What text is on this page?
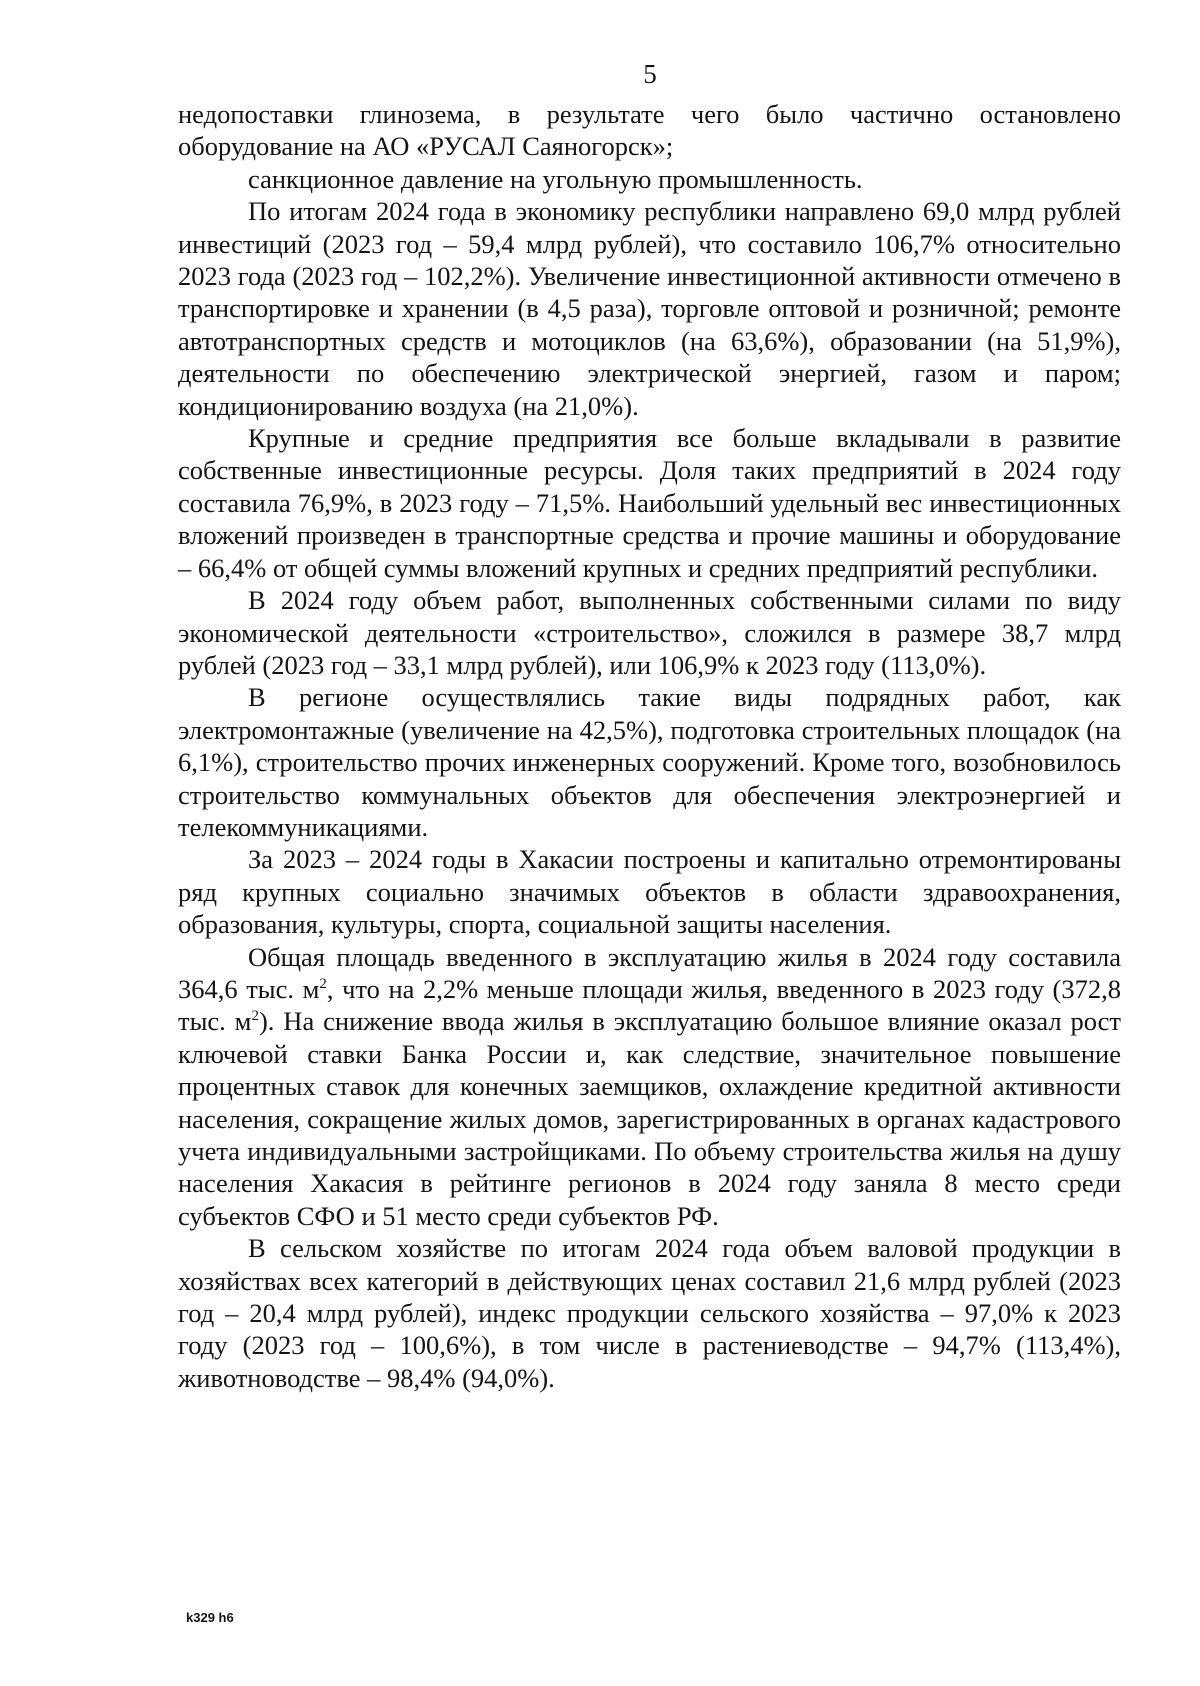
5

недопоставки глинозема, в результате чего было частично остановлено оборудование на АО «РУСАЛ Саяногорск»;

санкционное давление на угольную промышленность.

По итогам 2024 года в экономику республики направлено 69,0 млрд рублей инвестиций (2023 год – 59,4 млрд рублей), что составило 106,7% относительно 2023 года (2023 год – 102,2%). Увеличение инвестиционной активности отмечено в транспортировке и хранении (в 4,5 раза), торговле оптовой и розничной; ремонте автотранспортных средств и мотоциклов (на 63,6%), образовании (на 51,9%), деятельности по обеспечению электрической энергией, газом и паром; кондиционированию воздуха (на 21,0%).

Крупные и средние предприятия все больше вкладывали в развитие собственные инвестиционные ресурсы. Доля таких предприятий в 2024 году составила 76,9%, в 2023 году – 71,5%. Наибольший удельный вес инвестиционных вложений произведен в транспортные средства и прочие машины и оборудование – 66,4% от общей суммы вложений крупных и средних предприятий республики.

В 2024 году объем работ, выполненных собственными силами по виду экономической деятельности «строительство», сложился в размере 38,7 млрд рублей (2023 год – 33,1 млрд рублей), или 106,9% к 2023 году (113,0%).

В регионе осуществлялись такие виды подрядных работ, как электромонтажные (увеличение на 42,5%), подготовка строительных площадок (на 6,1%), строительство прочих инженерных сооружений. Кроме того, возобновилось строительство коммунальных объектов для обеспечения электроэнергией и телекоммуникациями.

За 2023 – 2024 годы в Хакасии построены и капитально отремонтированы ряд крупных социально значимых объектов в области здравоохранения, образования, культуры, спорта, социальной защиты населения.

Общая площадь введенного в эксплуатацию жилья в 2024 году составила 364,6 тыс. $м^2$, что на 2,2% меньше площади жилья, введенного в 2023 году (372,8 тыс. $м^2$). На снижение ввода жилья в эксплуатацию большое влияние оказал рост ключевой ставки Банка России и, как следствие, значительное повышение процентных ставок для конечных заемщиков, охлаждение кредитной активности населения, сокращение жилых домов, зарегистрированных в органах кадастрового учета индивидуальными застройщиками. По объему строительства жилья на душу населения Хакасия в рейтинге регионов в 2024 году заняла 8 место среди субъектов СФО и 51 место среди субъектов РФ.

В сельском хозяйстве по итогам 2024 года объем валовой продукции в хозяйствах всех категорий в действующих ценах составил 21,6 млрд рублей (2023 год – 20,4 млрд рублей), индекс продукции сельского хозяйства – 97,0% к 2023 году (2023 год – 100,6%), в том числе в растениеводстве – 94,7% (113,4%), животноводстве – 98,4% (94,0%).

k329 h6
